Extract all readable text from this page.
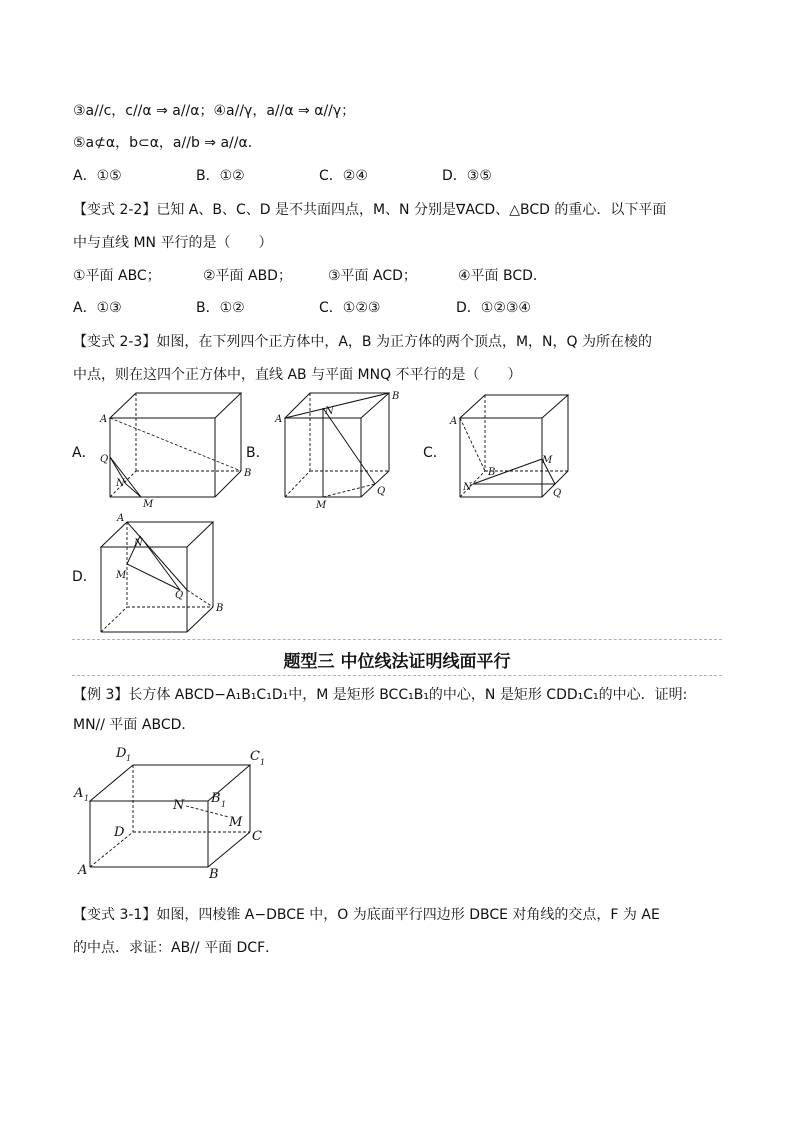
③a//c，c//α ⇒ a//α；④a//γ，a//α ⇒ α//γ；
⑤a⊄α，b⊂α，a//b ⇒ a//α．
A．①⑤	B．①②	C．②④	D．③⑤
【变式 2-2】已知 A、B、C、D 是不共面四点，M、N 分别是∇ACD、△BCD 的重心．以下平面
中与直线 MN 平行的是（　　）
①平面 ABC；	②平面 ABD；	③平面 ACD；	④平面 BCD．
A．①③	B．①②	C．①②③	D．①②③④
【变式 2-3】如图，在下列四个正方体中，A，B 为正方体的两个顶点，M，N，Q 为所在棱的
中点，则在这四个正方体中，直线 AB 与平面 MNQ 不平行的是（　　）
A．
A
B
Q
N
M
B．
A
B
N
Q
M
C．
A
B
M
N
Q
D．
A
N
M
Q
B
题型三 中位线法证明线面平行
【例 3】长方体 ABCD−A₁B₁C₁D₁中，M 是矩形 BCC₁B₁的中心，N 是矩形 CDD₁C₁的中心．证明:
MN// 平面 ABCD．
D 1	C 1
A 1	B 1
N
M
D	C
A	B
【变式 3-1】如图，四棱锥 A−DBCE 中，O 为底面平行四边形 DBCE 对角线的交点，F 为 AE
的中点．求证：AB// 平面 DCF．
